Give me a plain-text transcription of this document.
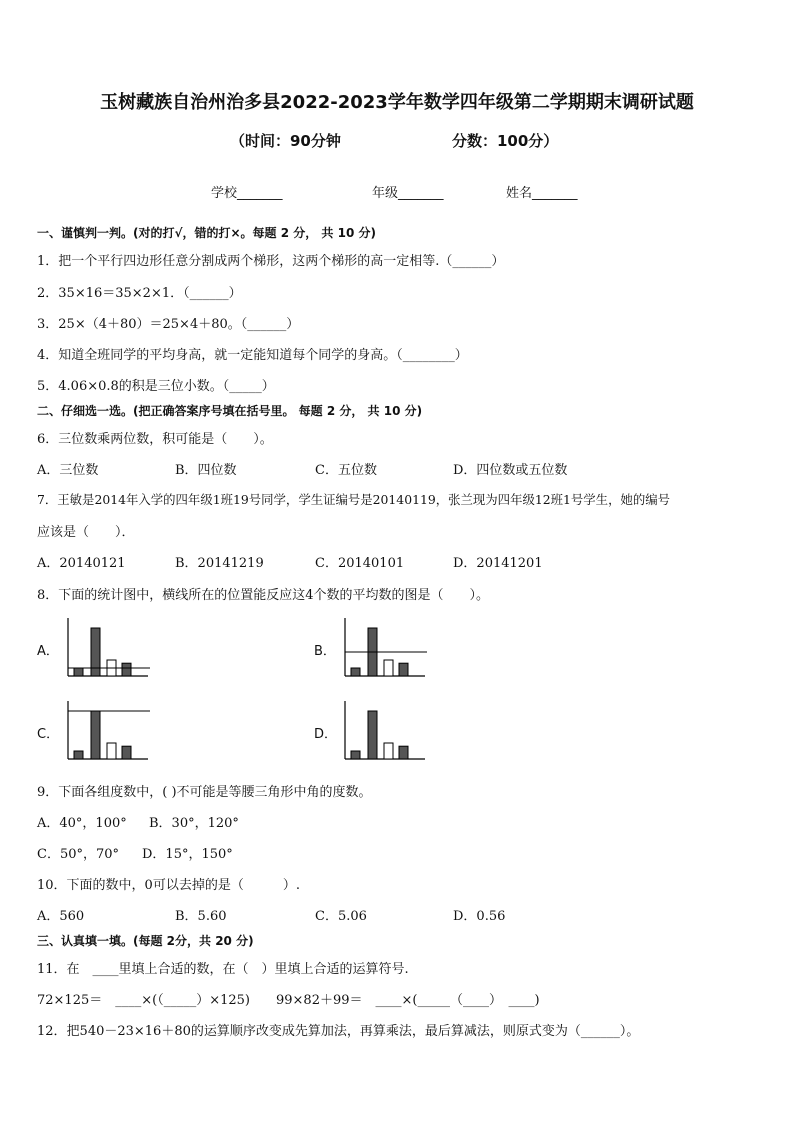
玉树藏族自治州治多县2022-2023学年数学四年级第二学期期末调研试题
（时间：90分钟	分数：100分）
学校_______	年级_______	姓名_______
一、谨慎判一判。(对的打√，错的打×。每题 2 分， 共 10 分)
1．把一个平行四边形任意分割成两个梯形，这两个梯形的高一定相等.（______）
2．35×16＝35×2×1．（______）
3．25×（4＋80）＝25×4＋80。（______）
4．知道全班同学的平均身高，就一定能知道每个同学的身高。（________）
5．4.06×0.8的积是三位小数。（_____）
二、仔细选一选。(把正确答案序号填在括号里。 每题 2 分， 共 10 分)
6．三位数乘两位数，积可能是（　　）。
A．三位数	B．四位数	C．五位数	D．四位数或五位数
7．王敏是2014年入学的四年级1班19号同学，学生证编号是20140119，张兰现为四年级12班1号学生，她的编号
应该是（　　）．
A．20140121	B．20141219	C．20140101	D．20141201
8．下面的统计图中，横线所在的位置能反应这4个数的平均数的图是（　　）。
A．	B．
C．	D．
9．下面各组度数中，( )不可能是等腰三角形中角的度数。
A．40°，100° B．30°，120°
C．50°，70° D．15°，150°
10．下面的数中，0可以去掉的是（　　　）.
A．560	B．5.60	C．5.06	D．0.56
三、认真填一填。(每题 2分，共 20 分)
11．在　____里填上合适的数，在（　）里填上合适的运算符号.
72×125＝　____×(（_____）×125) 99×82＋99＝　____×(_____（____）　____)
12．把540－23×16＋80的运算顺序改变成先算加法，再算乘法，最后算减法，则原式变为（______）。
